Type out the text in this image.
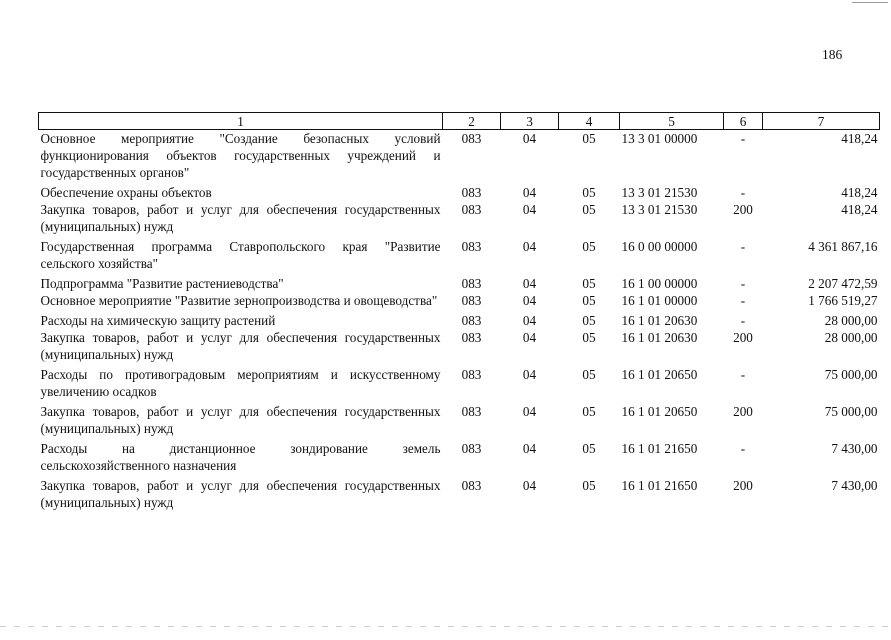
186
1	2	3	4	5	6	7
Основное мероприятие "Создание безопасных условий функционирования объектов государственных учреждений и государственных органов"	083	04	05	13 3 01 00000	-	418,24
Обеспечение охраны объектов	083	04	05	13 3 01 21530	-	418,24
Закупка товаров, работ и услуг для обеспечения государственных (муниципальных) нужд	083	04	05	13 3 01 21530	200	418,24
Государственная программа Ставропольского края "Развитие сельского хозяйства"	083	04	05	16 0 00 00000	-	4 361 867,16
Подпрограмма "Развитие растениеводства"	083	04	05	16 1 00 00000	-	2 207 472,59
Основное мероприятие "Развитие зернопроизводства и овощеводства"	083	04	05	16 1 01 00000	-	1 766 519,27
Расходы на химическую защиту растений	083	04	05	16 1 01 20630	-	28 000,00
Закупка товаров, работ и услуг для обеспечения государственных (муниципальных) нужд	083	04	05	16 1 01 20630	200	28 000,00
Расходы по противоградовым мероприятиям и искусственному увеличению осадков	083	04	05	16 1 01 20650	-	75 000,00
Закупка товаров, работ и услуг для обеспечения государственных (муниципальных) нужд	083	04	05	16 1 01 20650	200	75 000,00
Расходы на дистанционное зондирование земель сельскохозяйственного назначения	083	04	05	16 1 01 21650	-	7 430,00
Закупка товаров, работ и услуг для обеспечения государственных (муниципальных) нужд	083	04	05	16 1 01 21650	200	7 430,00
